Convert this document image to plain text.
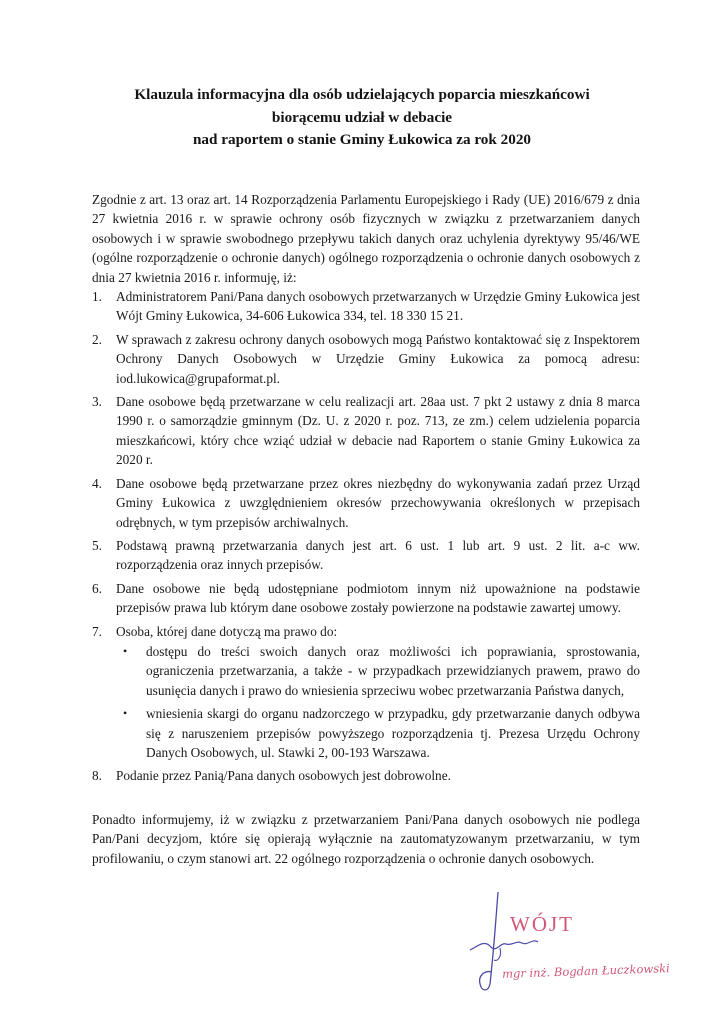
Klauzula informacyjna dla osób udzielających poparcia mieszkańcowi
biorącemu udział w debacie
nad raportem o stanie Gminy Łukowica za rok 2020

Zgodnie z art. 13 oraz art. 14 Rozporządzenia Parlamentu Europejskiego i Rady (UE) 2016/679 z dnia 27 kwietnia 2016 r. w sprawie ochrony osób fizycznych w związku z przetwarzaniem danych osobowych i w sprawie swobodnego przepływu takich danych oraz uchylenia dyrektywy 95/46/WE (ogólne rozporządzenie o ochronie danych) ogólnego rozporządzenia o ochronie danych osobowych z dnia 27 kwietnia 2016 r. informuję, iż:

1. Administratorem Pani/Pana danych osobowych przetwarzanych w Urzędzie Gminy Łukowica jest Wójt Gminy Łukowica, 34-606 Łukowica 334, tel. 18 330 15 21.
2. W sprawach z zakresu ochrony danych osobowych mogą Państwo kontaktować się z Inspektorem Ochrony Danych Osobowych w Urzędzie Gminy Łukowica za pomocą adresu: iod.lukowica@grupaformat.pl.
3. Dane osobowe będą przetwarzane w celu realizacji art. 28aa ust. 7 pkt 2 ustawy z dnia 8 marca 1990 r. o samorządzie gminnym (Dz. U. z 2020 r. poz. 713, ze zm.) celem udzielenia poparcia mieszkańcowi, który chce wziąć udział w debacie nad Raportem o stanie Gminy Łukowica za 2020 r.
4. Dane osobowe będą przetwarzane przez okres niezbędny do wykonywania zadań przez Urząd Gminy Łukowica z uwzględnieniem okresów przechowywania określonych w przepisach odrębnych, w tym przepisów archiwalnych.
5. Podstawą prawną przetwarzania danych jest art. 6 ust. 1 lub art. 9 ust. 2 lit. a-c ww. rozporządzenia oraz innych przepisów.
6. Dane osobowe nie będą udostępniane podmiotom innym niż upoważnione na podstawie przepisów prawa lub którym dane osobowe zostały powierzone na podstawie zawartej umowy.
7. Osoba, której dane dotyczą ma prawo do:
• dostępu do treści swoich danych oraz możliwości ich poprawiania, sprostowania, ograniczenia przetwarzania, a także - w przypadkach przewidzianych prawem, prawo do usunięcia danych i prawo do wniesienia sprzeciwu wobec przetwarzania Państwa danych,
• wniesienia skargi do organu nadzorczego w przypadku, gdy przetwarzanie danych odbywa się z naruszeniem przepisów powyższego rozporządzenia tj. Prezesa Urzędu Ochrony Danych Osobowych, ul. Stawki 2, 00-193 Warszawa.
8. Podanie przez Panią/Pana danych osobowych jest dobrowolne.

Ponadto informujemy, iż w związku z przetwarzaniem Pani/Pana danych osobowych nie podlega Pan/Pani decyzjom, które się opierają wyłącznie na zautomatyzowanym przetwarzaniu, w tym profilowaniu, o czym stanowi art. 22 ogólnego rozporządzenia o ochronie danych osobowych.

WÓJT
mgr inż. Bogdan Łuczkowski
